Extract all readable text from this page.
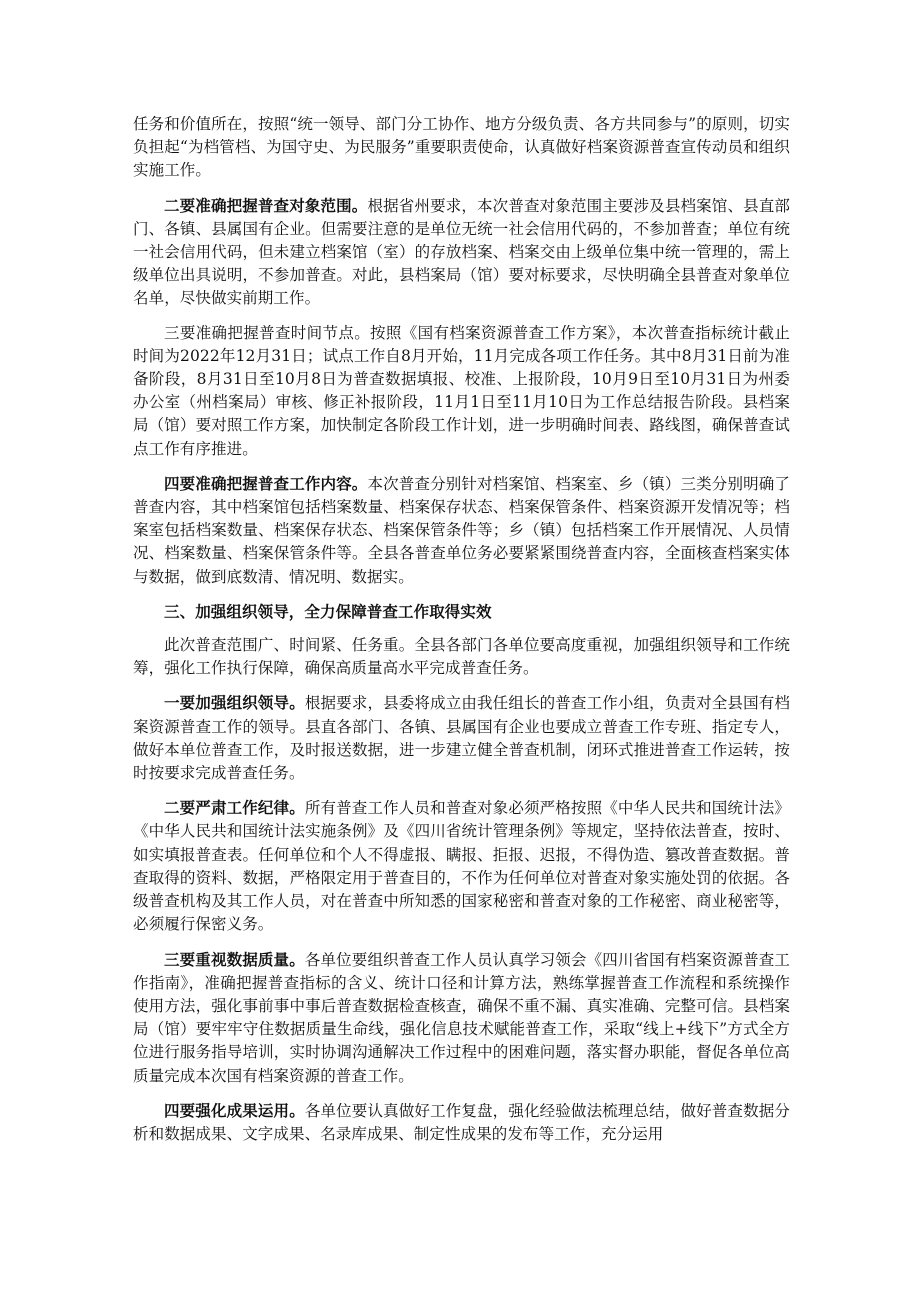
任务和价值所在，按照“统一领导、部门分工协作、地方分级负责、各方共同参与”的原则，切实负担起“为档管档、为国守史、为民服务”重要职责使命，认真做好档案资源普查宣传动员和组织实施工作。

二要准确把握普查对象范围。根据省州要求，本次普查对象范围主要涉及县档案馆、县直部门、各镇、县属国有企业。但需要注意的是单位无统一社会信用代码的，不参加普查；单位有统一社会信用代码，但未建立档案馆（室）的存放档案、档案交由上级单位集中统一管理的，需上级单位出具说明，不参加普查。对此，县档案局（馆）要对标要求，尽快明确全县普查对象单位名单，尽快做实前期工作。

三要准确把握普查时间节点。按照《国有档案资源普查工作方案》，本次普查指标统计截止时间为2022年12月31日；试点工作自8月开始，11月完成各项工作任务。其中8月31日前为准备阶段，8月31日至10月8日为普查数据填报、校准、上报阶段，10月9日至10月31日为州委办公室（州档案局）审核、修正补报阶段，11月1日至11月10日为工作总结报告阶段。县档案局（馆）要对照工作方案，加快制定各阶段工作计划，进一步明确时间表、路线图，确保普查试点工作有序推进。

四要准确把握普查工作内容。本次普查分别针对档案馆、档案室、乡（镇）三类分别明确了普查内容，其中档案馆包括档案数量、档案保存状态、档案保管条件、档案资源开发情况等；档案室包括档案数量、档案保存状态、档案保管条件等；乡（镇）包括档案工作开展情况、人员情况、档案数量、档案保管条件等。全县各普查单位务必要紧紧围绕普查内容，全面核查档案实体与数据，做到底数清、情况明、数据实。

三、加强组织领导，全力保障普查工作取得实效

此次普查范围广、时间紧、任务重。全县各部门各单位要高度重视，加强组织领导和工作统筹，强化工作执行保障，确保高质量高水平完成普查任务。

一要加强组织领导。根据要求，县委将成立由我任组长的普查工作小组，负责对全县国有档案资源普查工作的领导。县直各部门、各镇、县属国有企业也要成立普查工作专班、指定专人，做好本单位普查工作，及时报送数据，进一步建立健全普查机制，闭环式推进普查工作运转，按时按要求完成普查任务。

二要严肃工作纪律。所有普查工作人员和普查对象必须严格按照《中华人民共和国统计法》《中华人民共和国统计法实施条例》及《四川省统计管理条例》等规定，坚持依法普查，按时、如实填报普查表。任何单位和个人不得虚报、瞒报、拒报、迟报，不得伪造、篡改普查数据。普查取得的资料、数据，严格限定用于普查目的，不作为任何单位对普查对象实施处罚的依据。各级普查机构及其工作人员，对在普查中所知悉的国家秘密和普查对象的工作秘密、商业秘密等，必须履行保密义务。

三要重视数据质量。各单位要组织普查工作人员认真学习领会《四川省国有档案资源普查工作指南》，准确把握普查指标的含义、统计口径和计算方法，熟练掌握普查工作流程和系统操作使用方法，强化事前事中事后普查数据检查核查，确保不重不漏、真实准确、完整可信。县档案局（馆）要牢牢守住数据质量生命线，强化信息技术赋能普查工作，采取“线上+线下”方式全方位进行服务指导培训，实时协调沟通解决工作过程中的困难问题，落实督办职能，督促各单位高质量完成本次国有档案资源的普查工作。

四要强化成果运用。各单位要认真做好工作复盘，强化经验做法梳理总结，做好普查数据分析和数据成果、文字成果、名录库成果、制定性成果的发布等工作，充分运用
